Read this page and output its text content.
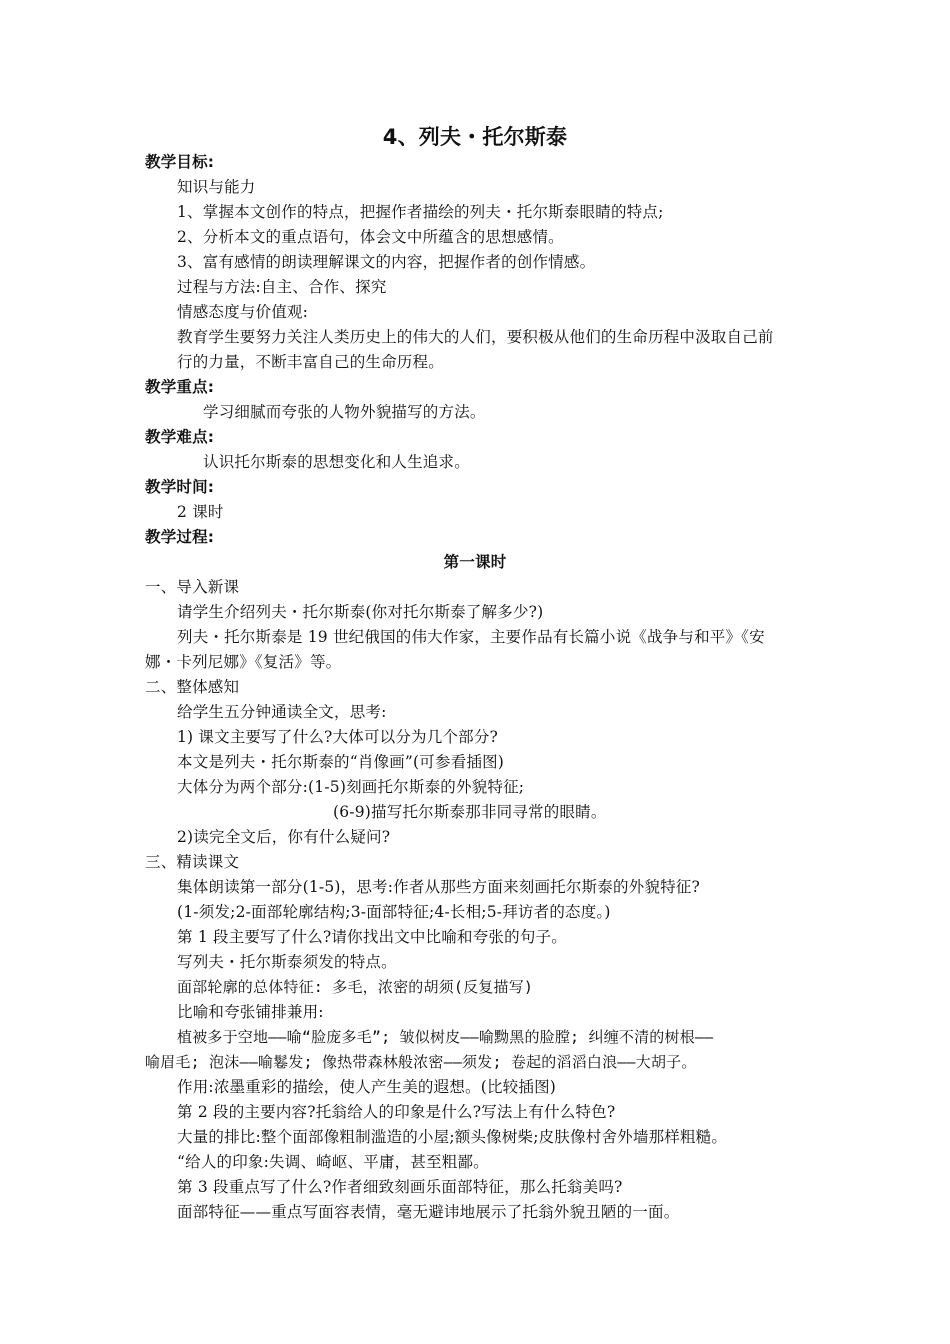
4、列夫・托尔斯泰
教学目标:
知识与能力
1、掌握本文创作的特点，把握作者描绘的列夫・托尔斯泰眼睛的特点;
2、分析本文的重点语句，体会文中所蕴含的思想感情。
3、富有感情的朗读理解课文的内容，把握作者的创作情感。
过程与方法:自主、合作、探究
情感态度与价值观:
教育学生要努力关注人类历史上的伟大的人们，要积极从他们的生命历程中汲取自己前
行的力量，不断丰富自己的生命历程。
教学重点:
学习细腻而夸张的人物外貌描写的方法。
教学难点:
认识托尔斯泰的思想变化和人生追求。
教学时间:
2 课时
教学过程:
第一课时
一、导入新课
请学生介绍列夫・托尔斯泰(你对托尔斯泰了解多少?)
列夫・托尔斯泰是 19 世纪俄国的伟大作家，主要作品有长篇小说《战争与和平》《安
娜・卡列尼娜》《复活》等。
二、整体感知
给学生五分钟通读全文，思考:
1) 课文主要写了什么?大体可以分为几个部分?
本文是列夫・托尔斯泰的“肖像画”(可参看插图)
大体分为两个部分:(1-5)刻画托尔斯泰的外貌特征;
(6-9)描写托尔斯泰那非同寻常的眼睛。
2)读完全文后，你有什么疑问?
三、精读课文
集体朗读第一部分(1-5)，思考:作者从那些方面来刻画托尔斯泰的外貌特征?
(1-须发;2-面部轮廓结构;3-面部特征;4-长相;5-拜访者的态度。)
第 1 段主要写了什么?请你找出文中比喻和夸张的句子。
写列夫・托尔斯泰须发的特点。
面部轮廓的总体特征: 多毛，浓密的胡须(反复描写)
比喻和夸张铺排兼用:
植被多于空地——喻“脸庞多毛”; 皱似树皮——喻黝黑的脸膛; 纠缠不清的树根——
喻眉毛; 泡沫——喻鬈发; 像热带森林般浓密——须发; 卷起的滔滔白浪——大胡子。
作用:浓墨重彩的描绘，使人产生美的遐想。(比较插图)
第 2 段的主要内容?托翁给人的印象是什么?写法上有什么特色?
大量的排比:整个面部像粗制滥造的小屋;额头像树柴;皮肤像村舍外墙那样粗糙。
“给人的印象:失调、崎岖、平庸，甚至粗鄙。
第 3 段重点写了什么?作者细致刻画乐面部特征，那么托翁美吗?
面部特征——重点写面容表情，毫无避讳地展示了托翁外貌丑陋的一面。
